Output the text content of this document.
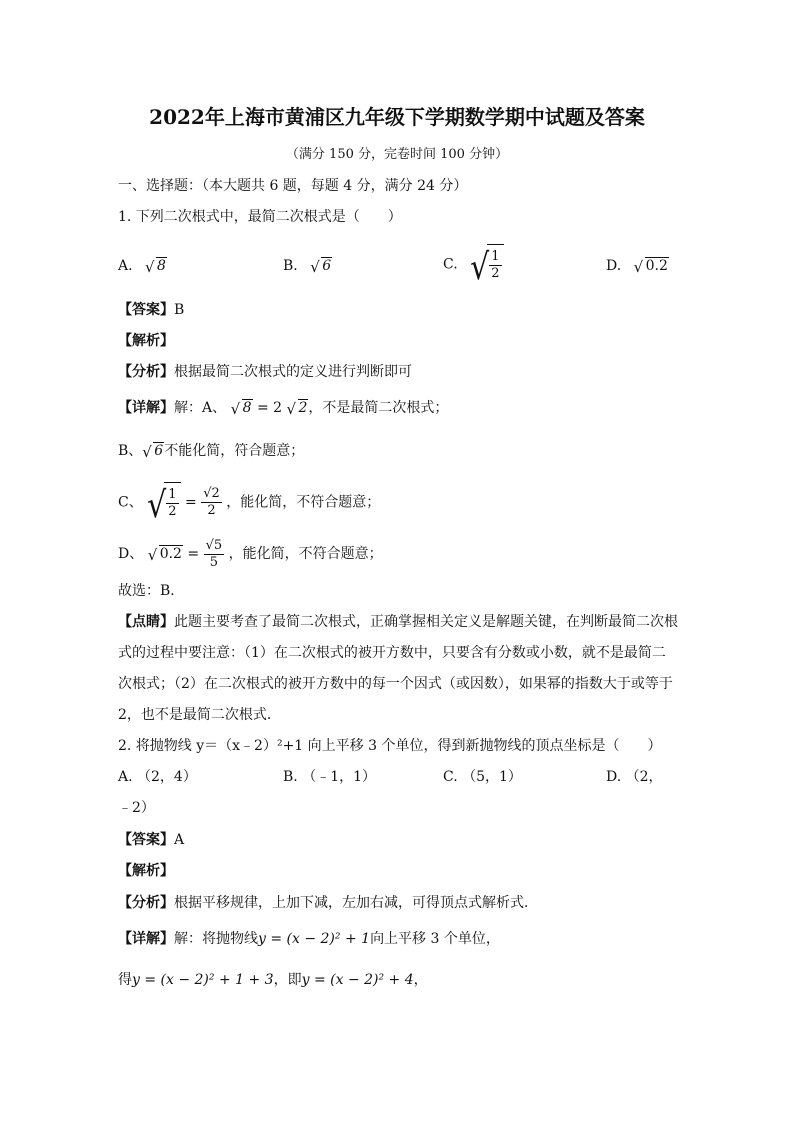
2022年上海市黄浦区九年级下学期数学期中试题及答案
（满分 150 分，完卷时间 100 分钟）
一、选择题：（本大题共 6 题，每题 4 分，满分 24 分）
1. 下列二次根式中，最简二次根式是（　　）
A. √ 8	B. √ 6	C. √ $\frac{1}{2}$	D. √ 0.2
【答案】B
【解析】
【分析】根据最简二次根式的定义进行判断即可
【详解】解：A、 √ 8 = 2 √ 2，不是最简二次根式；
B、 √ 6不能化简，符合题意；
C、 √ $\frac{1}{2} = \frac{√2}{2}$ ，能化简，不符合题意；
D、 √ $0.2 = \frac{√5}{5}$ ，能化简，不符合题意；
故选：B．
【点睛】此题主要考查了最简二次根式，正确掌握相关定义是解题关键，在判断最简二次根
式的过程中要注意：（1）在二次根式的被开方数中，只要含有分数或小数，就不是最简二
次根式；（2）在二次根式的被开方数中的每一个因式（或因数），如果幂的指数大于或等于
2，也不是最简二次根式．
2. 将抛物线 y＝（x﹣2）²+1 向上平移 3 个单位，得到新抛物线的顶点坐标是（　　）
A. （2，4）	B. （﹣1，1）	C. （5，1）	D. （2，
﹣2）
【答案】A
【解析】
【分析】根据平移规律，上加下减，左加右减，可得顶点式解析式．
【详解】解：将抛物线y = (x − 2)² + 1向上平移 3 个单位，
得y = (x − 2)² + 1 + 3，即y = (x − 2)² + 4，
